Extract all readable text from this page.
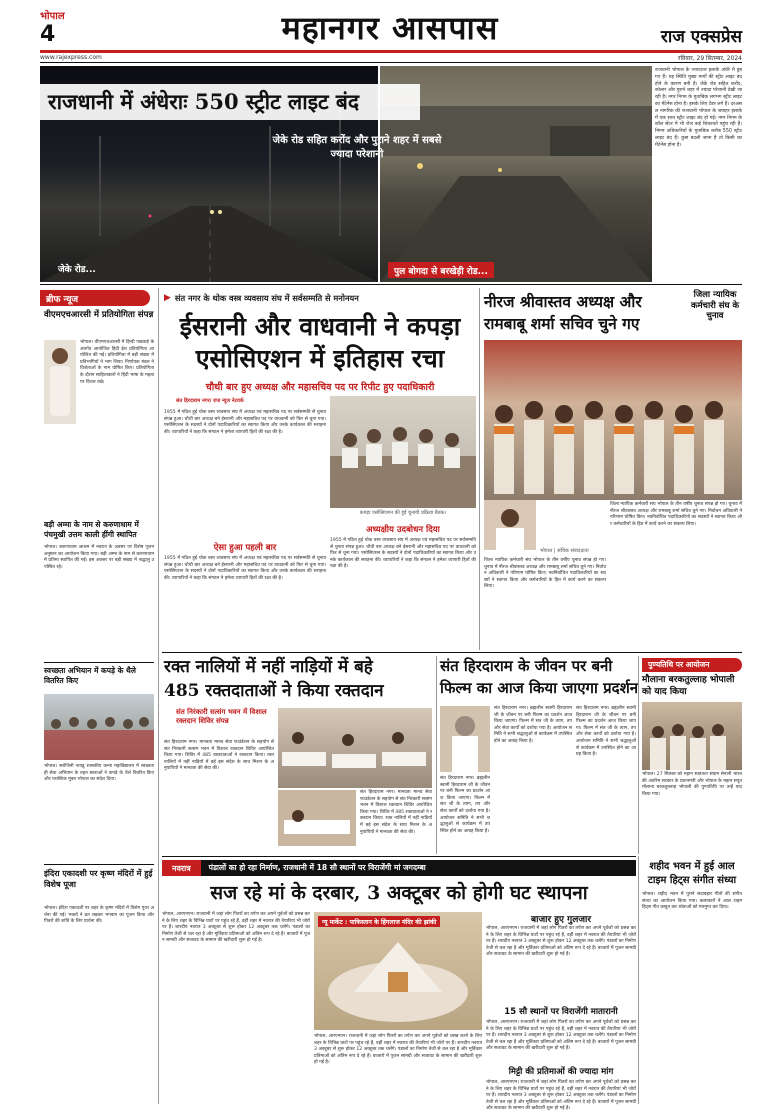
भोपाल
4	महानगर आसपास	राज एक्सप्रेस
www.rajexpress.com	रविवार, 29 सितम्बर, 2024
राजधानी में अंधेराः 550 स्ट्रीट लाइट बंद
जेके रोड सहित करोंद और पुराने शहर में सबसे ज्यादा परेशानी
जेके रोड...	पुल बोगदा से बरखेड़ी रोड...
राजधानी भोपाल के ज्यादातर इलाके अंधेरे में डूब गए हैं। यह स्थिति मुख्य मार्गों की स्ट्रीट लाइट बंद होने के कारण बनी है। जेके रोड सहित करोंद, कोलार और पुराने शहर में ज्यादा परेशानी देखी जा रही है। नगर निगम के मुताबिक लगभग स्ट्रीट लाइट का मेंटेनेंस होना है। इसके लिए टेंडर लगे हैं। दरअसल नागरिक की राजधानी भोपाल के जवाहर इलाके में एक साथ स्ट्रीट लाइट बंद हो गई। नगर निगम के कॉल सेंटर में भी रोज कई शिकायतें पहुंच रही हैं। निगम अधिकारियों के मुताबिक करीब 550 स्ट्रीट लाइट बंद हैं। कुछ बदली जाना है तो किसी का मेंटेनेंस होना है।
ब्रीफ न्यूज
वीएमएचआरसी में प्रतियोगिता संपन्न
भोपाल। वीएमएचआरसी में हिन्दी पखवाड़े के अंतर्गत आयोजित हिंदी ईश प्रतियोगिता आयोजित की गई। प्रतियोगिता में बड़ी संख्या में प्रतिभागियों ने भाग लिया। निर्णायक मंडल ने विजेताओं के नाम घोषित किए। प्रतियोगिता के दौरान साहित्यकारों ने हिंदी भाषा के महत्व पर विचार रखे।
बड़ी अम्मा के नाम से करुणाधाम में पंचमुखी उत्तम काली हींगी स्थापित
भोपाल। करुणाधाम आश्रम में नवरात्र के अवसर पर विशेष पूजन अनुष्ठान का आयोजन किया गया। बड़ी अम्मा के नाम से करुणाधाम में प्रतिमा स्थापित की गई। इस अवसर पर बड़ी संख्या में श्रद्धालु उपस्थित रहे।
स्वच्छता अभियान में कपड़े के थैले वितरित किए
भोपाल। सरोजिनी नायडू शासकीय कन्या महाविद्यालय में स्वच्छता ही सेवा अभियान के तहत छात्राओं ने कपड़े के थैले वितरित किए और प्लास्टिक मुक्त भोपाल का संदेश दिया।
इंदिरा एकादशी पर कृष्ण मंदिरों में हुई विशेष पूजा
भोपाल। इंदिरा एकादशी पर शहर के कृष्ण मंदिरों में विशेष पूजा अर्चना की गई। भक्तों ने व्रत रखकर भगवान का पूजन किया और पितरों की शांति के लिए प्रार्थना की।
▶ संत नगर के थोक वस्त्र व्यवसाय संघ में सर्वसम्मति से मनोनयन
ईसरानी और वाधवानी ने कपड़ा
एसोसिएशन में इतिहास रचा
चौथी बार हुए अध्यक्ष और महासचिव पद पर रिपीट हुए पदाधिकारी
संत हिरदाराम नगर/ राज न्यूज नेटवर्क
कपड़ा एसोसिएशन की हुई चुनावी प्रक्रिया बैठक।
1955 में गठित हुई थोक वस्त्र व्यवसाय संघ में अध्यक्ष एवं महासचिव पद पर सर्वसम्मति से चुनाव संपन्न हुआ। चौथी बार अध्यक्ष बने ईसरानी और महासचिव पद पर वाधवानी को फिर से चुना गया। एसोसिएशन के सदस्यों ने दोनों पदाधिकारियों का स्वागत किया और उनके कार्यकाल की सराहना की। व्यापारियों ने कहा कि संगठन ने हमेशा व्यापारी हितों की रक्षा की है।
ऐसा हुआ पहली बार
1955 में गठित हुई थोक वस्त्र व्यवसाय संघ में अध्यक्ष एवं महासचिव पद पर सर्वसम्मति से चुनाव संपन्न हुआ। चौथी बार अध्यक्ष बने ईसरानी और महासचिव पद पर वाधवानी को फिर से चुना गया। एसोसिएशन के सदस्यों ने दोनों पदाधिकारियों का स्वागत किया और उनके कार्यकाल की सराहना की। व्यापारियों ने कहा कि संगठन ने हमेशा व्यापारी हितों की रक्षा की है।
अध्यक्षीय उदबोधन दिया
1955 में गठित हुई थोक वस्त्र व्यवसाय संघ में अध्यक्ष एवं महासचिव पद पर सर्वसम्मति से चुनाव संपन्न हुआ। चौथी बार अध्यक्ष बने ईसरानी और महासचिव पद पर वाधवानी को फिर से चुना गया। एसोसिएशन के सदस्यों ने दोनों पदाधिकारियों का स्वागत किया और उनके कार्यकाल की सराहना की। व्यापारियों ने कहा कि संगठन ने हमेशा व्यापारी हितों की रक्षा की है।
नीरज श्रीवास्तव अध्यक्ष और
रामबाबू शर्मा सचिव चुने गए
जिला न्यायिक कर्मचारी संघ के चुनाव
भोपाल | संचिक संवाददाता
जिला न्यायिक कर्मचारी संघ भोपाल के तीन वर्षीय चुनाव संपन्न हो गए। चुनाव में नीरज श्रीवास्तव अध्यक्ष और रामबाबू शर्मा सचिव चुने गए। निर्वाचन अधिकारी ने परिणाम घोषित किए। नवनिर्वाचित पदाधिकारियों का सदस्यों ने स्वागत किया और कर्मचारियों के हित में कार्य करने का संकल्प लिया।
जिला न्यायिक कर्मचारी संघ भोपाल के तीन वर्षीय चुनाव संपन्न हो गए। चुनाव में नीरज श्रीवास्तव अध्यक्ष और रामबाबू शर्मा सचिव चुने गए। निर्वाचन अधिकारी ने परिणाम घोषित किए। नवनिर्वाचित पदाधिकारियों का सदस्यों ने स्वागत किया और कर्मचारियों के हित में कार्य करने का संकल्प लिया।
रक्त नालियों में नहीं नाड़ियों में बहे
485 रक्तदाताओं ने किया रक्तदान
संत निरंकारी सत्संग भवन में विशाल रक्तदान शिविर संपन्न
संत हिरदाराम नगर। मानवता मानव सेवा फाउंडेशन के सहयोग से संत निरंकारी सत्संग भवन में विशाल रक्तदान शिविर आयोजित किया गया। शिविर में 485 रक्तदाताओं ने रक्तदान किया। रक्त नालियों में नहीं नाड़ियों में बहे इस संदेश के साथ मिशन के अनुयायियों ने मानवता की सेवा की।
संत हिरदाराम नगर। मानवता मानव सेवा फाउंडेशन के सहयोग से संत निरंकारी सत्संग भवन में विशाल रक्तदान शिविर आयोजित किया गया। शिविर में 485 रक्तदाताओं ने रक्तदान किया। रक्त नालियों में नहीं नाड़ियों में बहे इस संदेश के साथ मिशन के अनुयायियों ने मानवता की सेवा की।
संत हिरदाराम के जीवन पर बनी
फिल्म का आज किया जाएगा प्रदर्शन
संत हिरदाराम नगर। ब्रह्मलीन स्वामी हिरदाराम जी के जीवन पर बनी फिल्म का प्रदर्शन आज किया जाएगा। फिल्म में संत जी के त्याग, तप और सेवा कार्यों को दर्शाया गया है। आयोजन समिति ने सभी श्रद्धालुओं से कार्यक्रम में उपस्थित होने का आग्रह किया है।
संत हिरदाराम नगर। ब्रह्मलीन स्वामी हिरदाराम जी के जीवन पर बनी फिल्म का प्रदर्शन आज किया जाएगा। फिल्म में संत जी के त्याग, तप और सेवा कार्यों को दर्शाया गया है। आयोजन समिति ने सभी श्रद्धालुओं से कार्यक्रम में उपस्थित होने का आग्रह किया है।
संत हिरदाराम नगर। ब्रह्मलीन स्वामी हिरदाराम जी के जीवन पर बनी फिल्म का प्रदर्शन आज किया जाएगा। फिल्म में संत जी के त्याग, तप और सेवा कार्यों को दर्शाया गया है। आयोजन समिति ने सभी श्रद्धालुओं से कार्यक्रम में उपस्थित होने का आग्रह किया है।
पुण्यतिथि पर आयोजन
मौलाना बरकतुल्लाह भोपाली को याद किया
भोपाल। 27 सितंबर को महान स्वतंत्रता संग्राम सेनानी भारत की अंतरिम सरकार के प्रधानमंत्री और भोपाल के महान सपूत मौलाना बरकतुल्लाह भोपाली की पुण्यतिथि पर उन्हें याद किया गया।
नवरात्र	पंडालों का हो रहा निर्माण, राजधानी में 18 सौ स्थानों पर विराजेंगी मां जगदम्बा
सज रहे मां के दरबार, 3 अक्टूबर को होगी घट स्थापना
भोपाल, आरएनएन। राजधानी में जहां लोग पितरों का तर्पण कर अपने पूर्वजों को प्रसन्न करने के लिए शहर के विभिन्न घाटों पर पहुंच रहे हैं, वहीं शहर में नवरात्र की तैयारियां भी जोरों पर हैं। शारदीय नवरात्र 3 अक्टूबर से शुरू होकर 12 अक्टूबर तक चलेंगे। पंडालों का निर्माण तेजी से चल रहा है और मूर्तिकार प्रतिमाओं को अंतिम रूप दे रहे हैं। बाजारों में पूजन सामग्री और सजावट के सामान की खरीदारी शुरू हो गई है।
न्यू मार्केट : पाकिस्तान के हिंगलाज मंदिर की झांकी
भोपाल, आरएनएन। राजधानी में जहां लोग पितरों का तर्पण कर अपने पूर्वजों को प्रसन्न करने के लिए शहर के विभिन्न घाटों पर पहुंच रहे हैं, वहीं शहर में नवरात्र की तैयारियां भी जोरों पर हैं। शारदीय नवरात्र 3 अक्टूबर से शुरू होकर 12 अक्टूबर तक चलेंगे। पंडालों का निर्माण तेजी से चल रहा है और मूर्तिकार प्रतिमाओं को अंतिम रूप दे रहे हैं। बाजारों में पूजन सामग्री और सजावट के सामान की खरीदारी शुरू हो गई है।
बाजार हुए गुलजार
भोपाल, आरएनएन। राजधानी में जहां लोग पितरों का तर्पण कर अपने पूर्वजों को प्रसन्न करने के लिए शहर के विभिन्न घाटों पर पहुंच रहे हैं, वहीं शहर में नवरात्र की तैयारियां भी जोरों पर हैं। शारदीय नवरात्र 3 अक्टूबर से शुरू होकर 12 अक्टूबर तक चलेंगे। पंडालों का निर्माण तेजी से चल रहा है और मूर्तिकार प्रतिमाओं को अंतिम रूप दे रहे हैं। बाजारों में पूजन सामग्री और सजावट के सामान की खरीदारी शुरू हो गई है।
15 सौ स्थानों पर विराजेंगी मातारानी
भोपाल, आरएनएन। राजधानी में जहां लोग पितरों का तर्पण कर अपने पूर्वजों को प्रसन्न करने के लिए शहर के विभिन्न घाटों पर पहुंच रहे हैं, वहीं शहर में नवरात्र की तैयारियां भी जोरों पर हैं। शारदीय नवरात्र 3 अक्टूबर से शुरू होकर 12 अक्टूबर तक चलेंगे। पंडालों का निर्माण तेजी से चल रहा है और मूर्तिकार प्रतिमाओं को अंतिम रूप दे रहे हैं। बाजारों में पूजन सामग्री और सजावट के सामान की खरीदारी शुरू हो गई है।
मिट्टी की प्रतिमाओं की ज्यादा मांग
भोपाल, आरएनएन। राजधानी में जहां लोग पितरों का तर्पण कर अपने पूर्वजों को प्रसन्न करने के लिए शहर के विभिन्न घाटों पर पहुंच रहे हैं, वहीं शहर में नवरात्र की तैयारियां भी जोरों पर हैं। शारदीय नवरात्र 3 अक्टूबर से शुरू होकर 12 अक्टूबर तक चलेंगे। पंडालों का निर्माण तेजी से चल रहा है और मूर्तिकार प्रतिमाओं को अंतिम रूप दे रहे हैं। बाजारों में पूजन सामग्री और सजावट के सामान की खरीदारी शुरू हो गई है।
शहीद भवन में हुई आल
टाइम हिट्स संगीत संध्या
भोपाल। शहीद भवन में पुराने सदाबहार गीतों की संगीत संध्या का आयोजन किया गया। कलाकारों ने आल टाइम हिट्स गीत प्रस्तुत कर श्रोताओं को मंत्रमुग्ध कर दिया।
